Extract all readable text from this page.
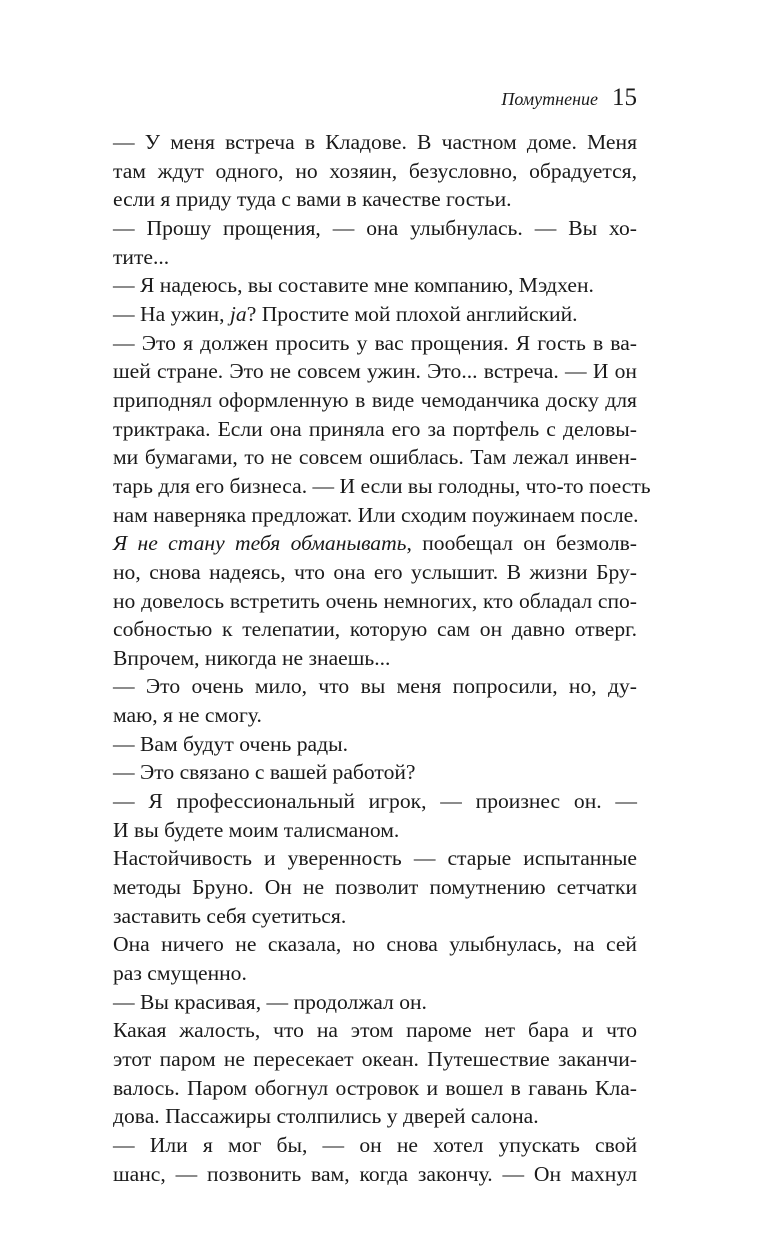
Помутнение 15
— У меня встреча в Кладове. В частном доме. Меня
там ждут одного, но хозяин, безусловно, обрадуется,
если я приду туда с вами в качестве гостьи.
— Прошу прощения, — она улыбнулась. — Вы хо-
тите...
— Я надеюсь, вы составите мне компанию, Мэдхен.
— На ужин, ja? Простите мой плохой английский.
— Это я должен просить у вас прощения. Я гость в ва-
шей стране. Это не совсем ужин. Это... встреча. — И он
приподнял оформленную в виде чемоданчика доску для
триктрака. Если она приняла его за портфель с деловы-
ми бумагами, то не совсем ошиблась. Там лежал инвен-
тарь для его бизнеса. — И если вы голодны, что-то поесть
нам наверняка предложат. Или сходим поужинаем после.
Я не стану тебя обманывать, пообещал он безмолв-
но, снова надеясь, что она его услышит. В жизни Бру-
но довелось встретить очень немногих, кто обладал спо-
собностью к телепатии, которую сам он давно отверг.
Впрочем, никогда не знаешь...
— Это очень мило, что вы меня попросили, но, ду-
маю, я не смогу.
— Вам будут очень рады.
— Это связано с вашей работой?
— Я профессиональный игрок, — произнес он. —
И вы будете моим талисманом.
Настойчивость и уверенность — старые испытанные
методы Бруно. Он не позволит помутнению сетчатки
заставить себя суетиться.
Она ничего не сказала, но снова улыбнулась, на сей
раз смущенно.
— Вы красивая, — продолжал он.
Какая жалость, что на этом пароме нет бара и что
этот паром не пересекает океан. Путешествие заканчи-
валось. Паром обогнул островок и вошел в гавань Кла-
дова. Пассажиры столпились у дверей салона.
— Или я мог бы, — он не хотел упускать свой
шанс, — позвонить вам, когда закончу. — Он махнул
